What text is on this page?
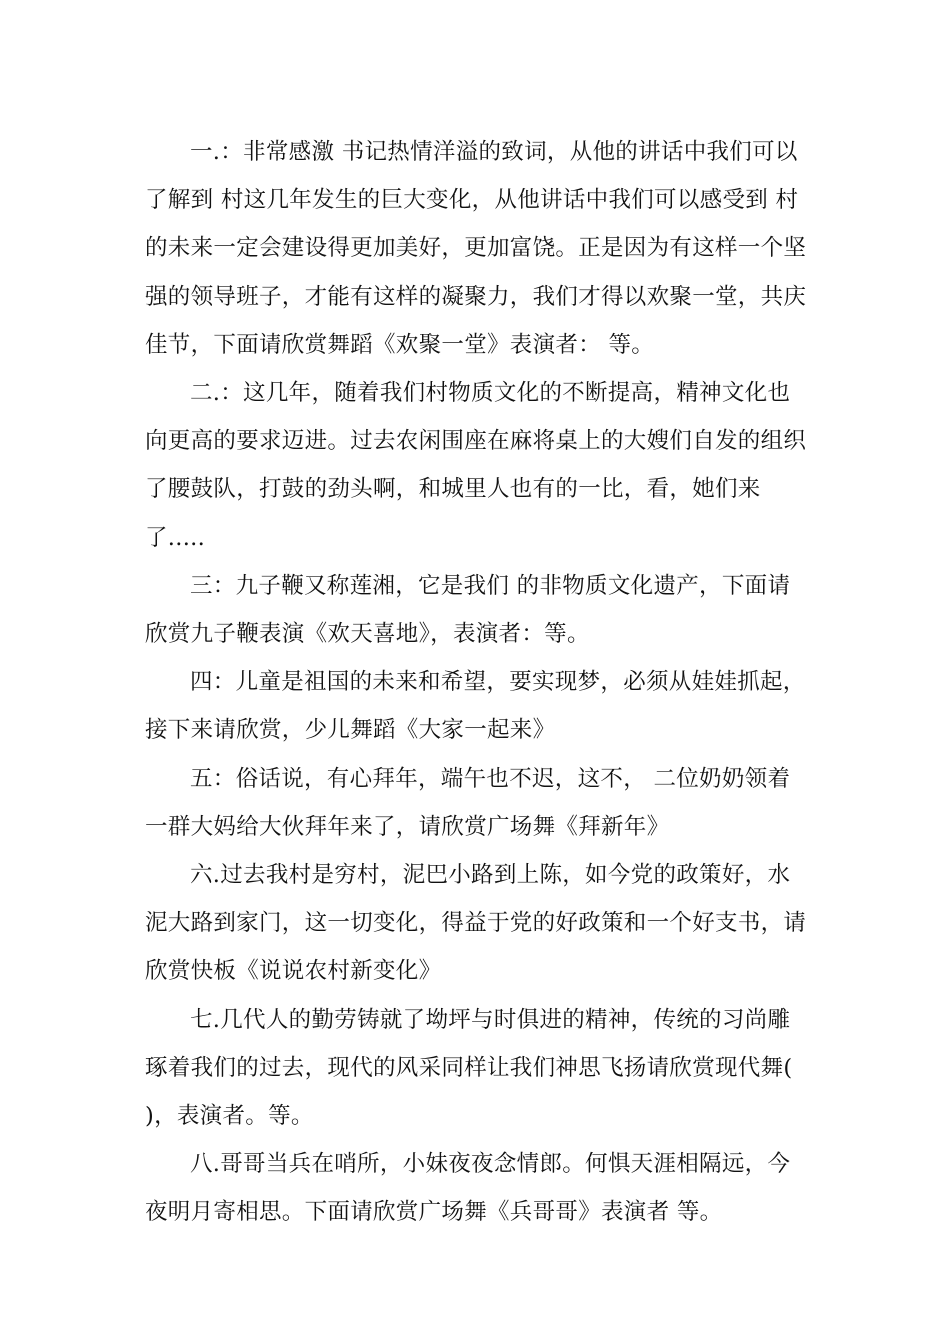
一.：非常感激 书记热情洋溢的致词，从他的讲话中我们可以了解到 村这几年发生的巨大变化，从他讲话中我们可以感受到 村的未来一定会建设得更加美好，更加富饶。正是因为有这样一个坚强的领导班子，才能有这样的凝聚力，我们才得以欢聚一堂，共庆佳节，下面请欣赏舞蹈《欢聚一堂》表演者： 等。

二.：这几年，随着我们村物质文化的不断提高，精神文化也向更高的要求迈进。过去农闲围座在麻将桌上的大嫂们自发的组织了腰鼓队，打鼓的劲头啊，和城里人也有的一比，看，她们来了.....

三：九子鞭又称莲湘，它是我们 的非物质文化遗产，下面请欣赏九子鞭表演《欢天喜地》，表演者：等。

四：儿童是祖国的未来和希望，要实现梦，必须从娃娃抓起，接下来请欣赏，少儿舞蹈《大家一起来》

五：俗话说，有心拜年，端午也不迟，这不， 二位奶奶领着一群大妈给大伙拜年来了，请欣赏广场舞《拜新年》

六.过去我村是穷村，泥巴小路到上陈，如今党的政策好，水泥大路到家门，这一切变化，得益于党的好政策和一个好支书，请欣赏快板《说说农村新变化》

七.几代人的勤劳铸就了坳坪与时俱进的精神，传统的习尚雕琢着我们的过去，现代的风采同样让我们神思飞扬请欣赏现代舞( )，表演者。等。

八.哥哥当兵在哨所，小妹夜夜念情郎。何惧天涯相隔远，今夜明月寄相思。下面请欣赏广场舞《兵哥哥》表演者 等。
